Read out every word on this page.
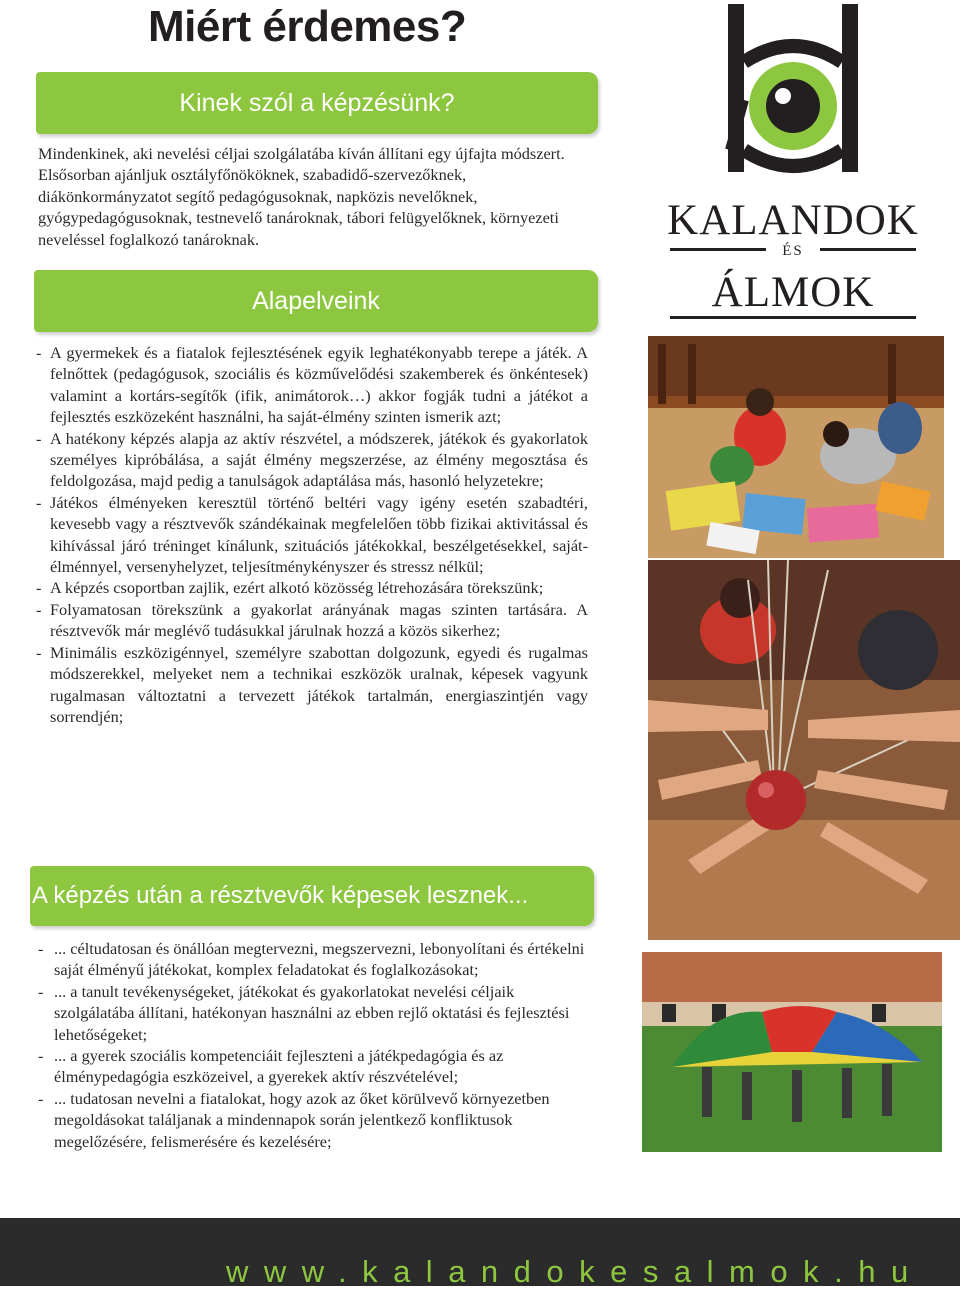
Miért érdemes?
Kinek szól a képzésünk?

Mindenkinek, aki nevelési céljai szolgálatába kíván állítani egy újfajta módszert. Elsősorban ajánljuk osztályfőnököknek, szabadidő-szervezőknek, diákönkormányzatot segítő pedagógusoknak, napközis nevelőknek, gyógypedagógusoknak, testnevelő tanároknak, tábori felügyelőknek, környezeti neveléssel foglalkozó tanároknak.

Alapelveink
- A gyermekek és a fiatalok fejlesztésének egyik leghatékonyabb terepe a játék. A felnőttek (pedagógusok, szociális és közművelődési szakemberek és önkéntesek) valamint a kortárs-segítők (ifik, animátorok…) akkor fogják tudni a játékot a fejlesztés eszközeként használni, ha saját-élmény szinten ismerik azt;
- A hatékony képzés alapja az aktív részvétel, a módszerek, játékok és gyakorlatok személyes kipróbálása, a saját élmény megszerzése, az élmény megosztása és feldolgozása, majd pedig a tanulságok adaptálása más, hasonló helyzetekre;
- Játékos élményeken keresztül történő beltéri vagy igény esetén szabadtéri, kevesebb vagy a résztvevők szándékainak megfelelően több fizikai aktivitással és kihívással járó tréninget kínálunk, szituációs játékokkal, beszélgetésekkel, saját-élménnyel, versenyhelyzet, teljesítménykényszer és stressz nélkül;
- A képzés csoportban zajlik, ezért alkotó közösség létrehozására törekszünk;
- Folyamatosan törekszünk a gyakorlat arányának magas szinten tartására. A résztvevők már meglévő tudásukkal járulnak hozzá a közös sikerhez;
- Minimális eszközigénnyel, személyre szabottan dolgozunk, egyedi és rugalmas módszerekkel, melyeket nem a technikai eszközök uralnak, képesek vagyunk rugalmasan változtatni a tervezett játékok tartalmán, energiaszintjén vagy sorrendjén;
A képzés után a résztvevők képesek lesznek...
- ... céltudatosan és önállóan megtervezni, megszervezni, lebonyolítani és értékelni saját élményű játékokat, komplex feladatokat és foglalkozásokat;
- ... a tanult tevékenységeket, játékokat és gyakorlatokat nevelési céljaik szolgálatába állítani, hatékonyan használni az ebben rejlő oktatási és fejlesztési lehetőségeket;
- ... a gyerek szociális kompetenciáit fejleszteni a játékpedagógia és az élménypedagógia eszközeivel, a gyerekek aktív részvételével;
- ... tudatosan nevelni a fiatalokat, hogy azok az őket körülvevő környezetben megoldásokat találjanak a mindennapok során jelentkező konfliktusok megelőzésére, felismerésére és kezelésére;
KALANDOK
ÉS
ÁLMOK

www.kalandokesalmok.hu
